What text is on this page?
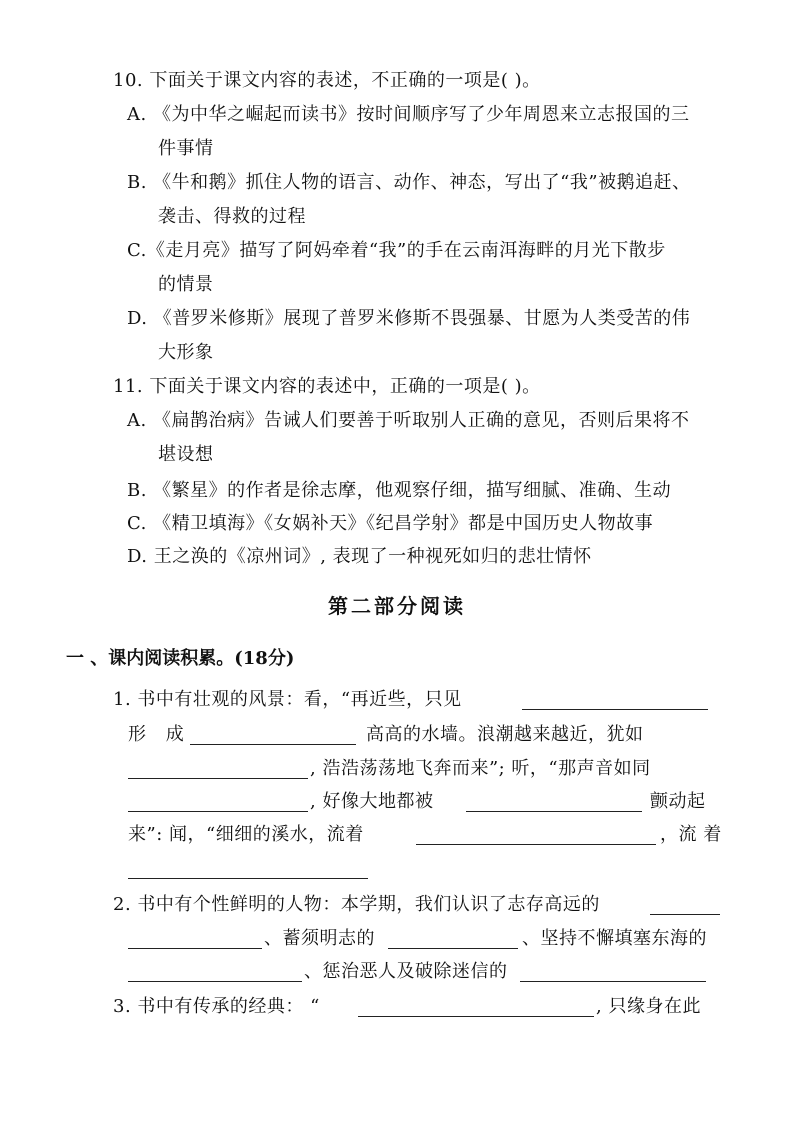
10. 下面关于课文内容的表述，不正确的一项是( )。
A. 《为中华之崛起而读书》按时间顺序写了少年周恩来立志报国的三
件事情
B. 《牛和鹅》抓住人物的语言、动作、神态，写出了“我”被鹅追赶、
袭击、得救的过程
C.《走月亮》描写了阿妈牵着“我”的手在云南洱海畔的月光下散步
的情景
D. 《普罗米修斯》展现了普罗米修斯不畏强暴、甘愿为人类受苦的伟
大形象
11. 下面关于课文内容的表述中，正确的一项是( )。
A. 《扁鹊治病》告诫人们要善于听取别人正确的意见，否则后果将不
堪设想
B. 《繁星》的作者是徐志摩，他观察仔细，描写细腻、准确、生动
C. 《精卫填海》《女娲补天》《纪昌学射》都是中国历史人物故事
D. 王之涣的《凉州词》, 表现了一种视死如归的悲壮情怀
第二部分阅读
一 、课内阅读积累。(18分)
1. 书中有壮观的风景：看，“再近些，只见
形 成	高高的水墙。浪潮越来越近，犹如
, 浩浩荡荡地飞奔而来”; 听，“那声音如同
, 好像大地都被	颤动起
来”: 闻，“细细的溪水，流着	，流 着
2. 书中有个性鲜明的人物：本学期，我们认识了志存高远的
、蓄须明志的	、坚持不懈填塞东海的
、惩治恶人及破除迷信的
3. 书中有传承的经典： “	, 只缘身在此
